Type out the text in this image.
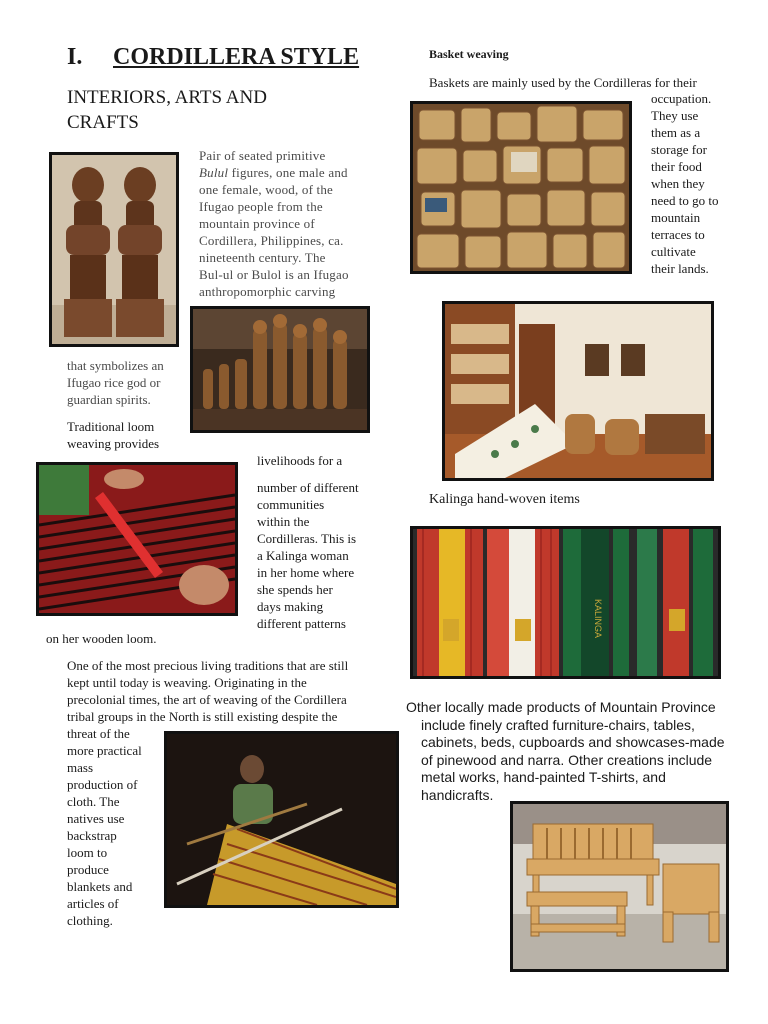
I. CORDILLERA STYLE
INTERIORS, ARTS AND
CRAFTS
Pair of seated primitive
Bulul figures, one male and
one female, wood, of the
Ifugao people from the
mountain province of
Cordillera, Philippines, ca.
nineteenth century. The
Bul-ul or Bulol is an Ifugao
anthropomorphic carving
that symbolizes an
Ifugao rice god or
guardian spirits.
Traditional loom
weaving provides
livelihoods for a
number of different
communities
within the
Cordilleras. This is
a Kalinga woman
in her home where
she spends her
days making
different patterns
on her wooden loom.
One of the most precious living traditions that are still
kept until today is weaving. Originating in the
precolonial times, the art of weaving of the Cordillera
tribal groups in the North is still existing despite the
threat of the
more practical
mass
production of
cloth. The
natives use
backstrap
loom to
produce
blankets and
articles of
clothing.
Basket weaving
Baskets are mainly used by the Cordilleras for their
occupation.
They use
them as a
storage for
their food
when they
need to go to
mountain
terraces to
cultivate
their lands.
Kalinga hand-woven items
KALINGA
Other locally made products of Mountain Province
include finely crafted furniture-chairs, tables,
cabinets, beds, cupboards and showcases-made
of pinewood and narra. Other creations include
metal works, hand-painted T-shirts, and
handicrafts.
